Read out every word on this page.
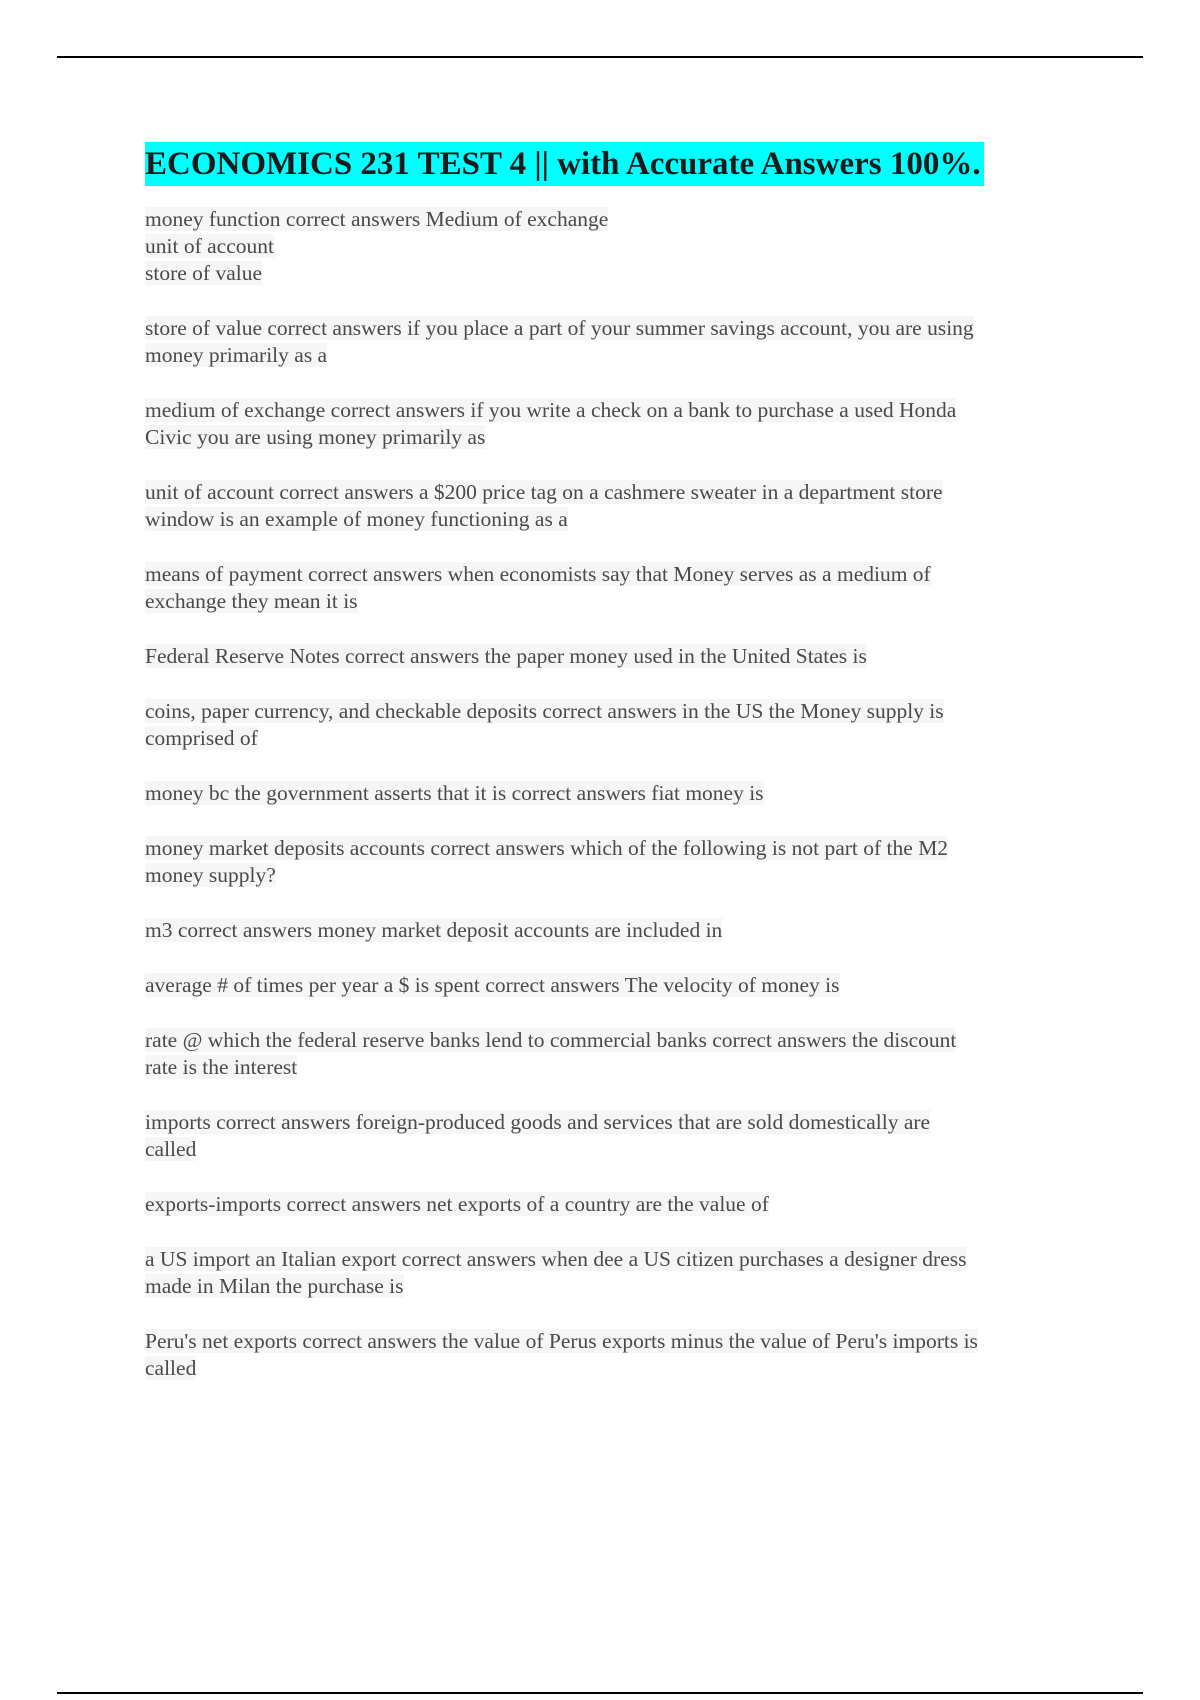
ECONOMICS 231 TEST 4 || with Accurate Answers 100%.

money function correct answers Medium of exchange
unit of account
store of value

store of value correct answers if you place a part of your summer savings account, you are using
money primarily as a

medium of exchange correct answers if you write a check on a bank to purchase a used Honda
Civic you are using money primarily as

unit of account correct answers a $200 price tag on a cashmere sweater in a department store
window is an example of money functioning as a

means of payment correct answers when economists say that Money serves as a medium of
exchange they mean it is

Federal Reserve Notes correct answers the paper money used in the United States is

coins, paper currency, and checkable deposits correct answers in the US the Money supply is
comprised of

money bc the government asserts that it is correct answers fiat money is

money market deposits accounts correct answers which of the following is not part of the M2
money supply?

m3 correct answers money market deposit accounts are included in

average # of times per year a $ is spent correct answers The velocity of money is

rate @ which the federal reserve banks lend to commercial banks correct answers the discount
rate is the interest

imports correct answers foreign-produced goods and services that are sold domestically are
called

exports-imports correct answers net exports of a country are the value of

a US import an Italian export correct answers when dee a US citizen purchases a designer dress
made in Milan the purchase is

Peru's net exports correct answers the value of Perus exports minus the value of Peru's imports is
called
